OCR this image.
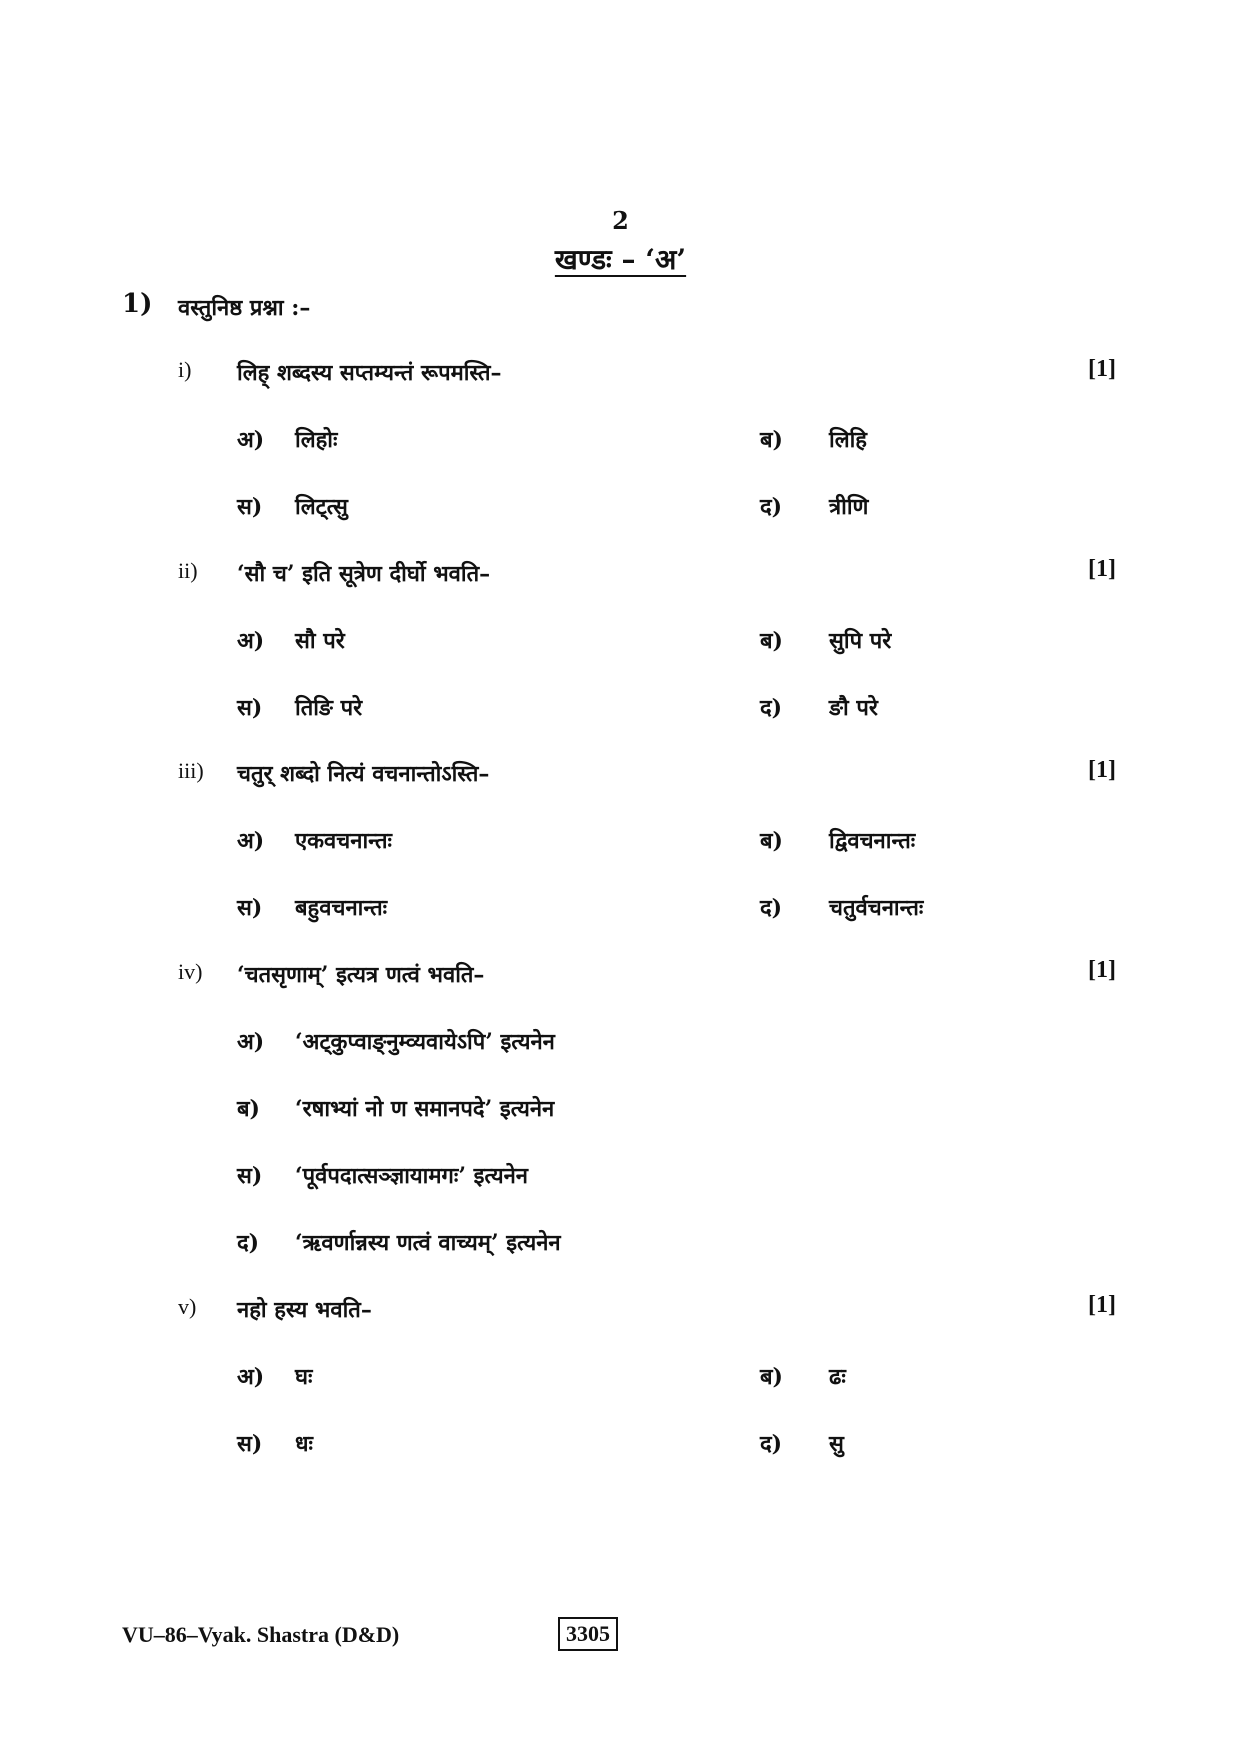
2
खण्डः – ‘अ’
1) वस्तुनिष्ठ प्रश्ना :–
i) लिह् शब्दस्य सप्तम्यन्तं रूपमस्ति–	[1]
अ) लिहोः	ब) लिहि
स) लिट्त्सु	द) त्रीणि
ii) ‘सौ च’ इति सूत्रेण दीर्घो भवति–	[1]
अ) सौ परे	ब) सुपि परे
स) तिङि परे	द) ङौ परे
iii) चतुर् शब्दो नित्यं वचनान्तोऽस्ति–	[1]
अ) एकवचनान्तः	ब) द्विवचनान्तः
स) बहुवचनान्तः	द) चतुर्वचनान्तः
iv) ‘चतसृणाम्’ इत्यत्र णत्वं भवति–	[1]
अ) ‘अट्कुप्वाङ्नुम्व्यवायेऽपि’ इत्यनेन
ब) ‘रषाभ्यां नो ण समानपदे’ इत्यनेन
स) ‘पूर्वपदात्सञ्ज्ञायामगः’ इत्यनेन
द) ‘ऋवर्णान्नस्य णत्वं वाच्यम्’ इत्यनेन
v) नहो हस्य भवति–	[1]
अ) घः	ब) ढः
स) धः	द) सु
VU–86–Vyak. Shastra (D&D)	3305
